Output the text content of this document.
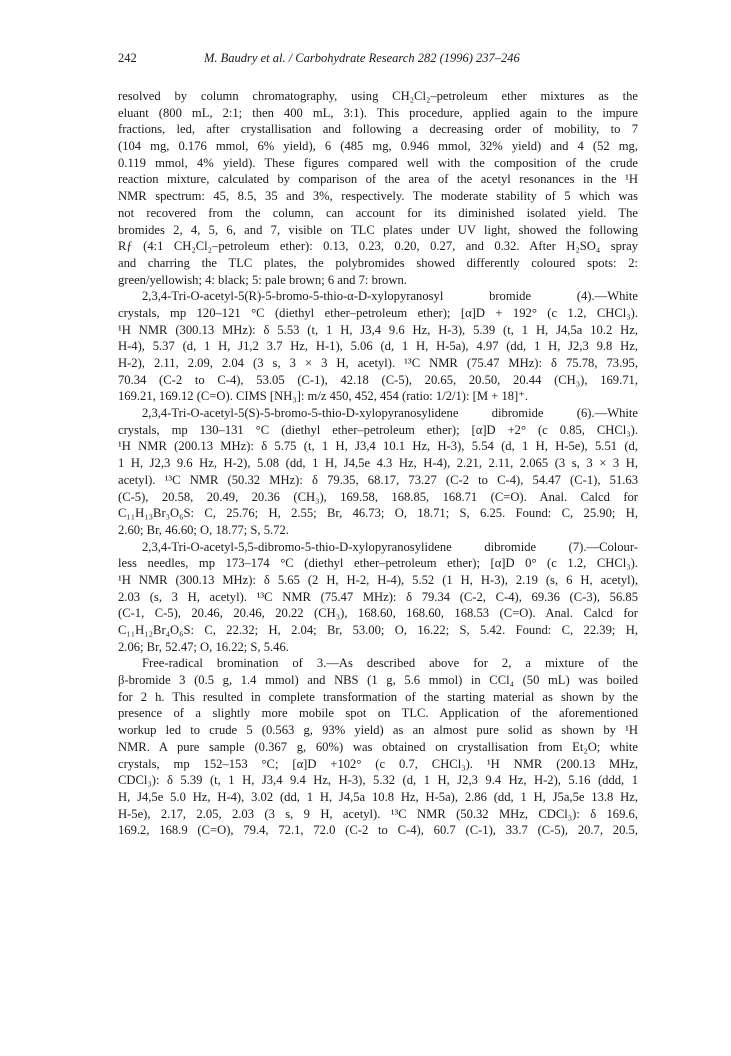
242	M. Baudry et al. / Carbohydrate Research 282 (1996) 237–246
resolved by column chromatography, using CH₂Cl₂–petroleum ether mixtures as the
eluant (800 mL, 2:1; then 400 mL, 3:1). This procedure, applied again to the impure
fractions, led, after crystallisation and following a decreasing order of mobility, to 7
(104 mg, 0.176 mmol, 6% yield), 6 (485 mg, 0.946 mmol, 32% yield) and 4 (52 mg,
0.119 mmol, 4% yield). These figures compared well with the composition of the crude
reaction mixture, calculated by comparison of the area of the acetyl resonances in the ¹H
NMR spectrum: 45, 8.5, 35 and 3%, respectively. The moderate stability of 5 which was
not recovered from the column, can account for its diminished isolated yield. The
bromides 2, 4, 5, 6, and 7, visible on TLC plates under UV light, showed the following
Rƒ (4:1 CH₂Cl₂–petroleum ether): 0.13, 0.23, 0.20, 0.27, and 0.32. After H₂SO₄ spray
and charring the TLC plates, the polybromides showed differently coloured spots: 2:
green/yellowish; 4: black; 5: pale brown; 6 and 7: brown.
2,3,4-Tri-O-acetyl-5(R)-5-bromo-5-thio-α-D-xylopyranosyl bromide (4).—White
crystals, mp 120–121 °C (diethyl ether–petroleum ether); [α]D + 192° (c 1.2, CHCl₃).
¹H NMR (300.13 MHz): δ 5.53 (t, 1 H, J3,4 9.6 Hz, H-3), 5.39 (t, 1 H, J4,5a 10.2 Hz,
H-4), 5.37 (d, 1 H, J1,2 3.7 Hz, H-1), 5.06 (d, 1 H, H-5a), 4.97 (dd, 1 H, J2,3 9.8 Hz,
H-2), 2.11, 2.09, 2.04 (3 s, 3 × 3 H, acetyl). ¹³C NMR (75.47 MHz): δ 75.78, 73.95,
70.34 (C-2 to C-4), 53.05 (C-1), 42.18 (C-5), 20.65, 20.50, 20.44 (CH₃), 169.71,
169.21, 169.12 (C=O). CIMS [NH₃]: m/z 450, 452, 454 (ratio: 1/2/1): [M + 18]⁺.
2,3,4-Tri-O-acetyl-5(S)-5-bromo-5-thio-D-xylopyranosylidene dibromide (6).—White
crystals, mp 130–131 °C (diethyl ether–petroleum ether); [α]D +2° (c 0.85, CHCl₃).
¹H NMR (200.13 MHz): δ 5.75 (t, 1 H, J3,4 10.1 Hz, H-3), 5.54 (d, 1 H, H-5e), 5.51 (d,
1 H, J2,3 9.6 Hz, H-2), 5.08 (dd, 1 H, J4,5e 4.3 Hz, H-4), 2.21, 2.11, 2.065 (3 s, 3 × 3 H,
acetyl). ¹³C NMR (50.32 MHz): δ 79.35, 68.17, 73.27 (C-2 to C-4), 54.47 (C-1), 51.63
(C-5), 20.58, 20.49, 20.36 (CH₃), 169.58, 168.85, 168.71 (C=O). Anal. Calcd for
C₁₁H₁₃Br₃O₆S: C, 25.76; H, 2.55; Br, 46.73; O, 18.71; S, 6.25. Found: C, 25.90; H,
2.60; Br, 46.60; O, 18.77; S, 5.72.
2,3,4-Tri-O-acetyl-5,5-dibromo-5-thio-D-xylopyranosylidene dibromide (7).—Colour-
less needles, mp 173–174 °C (diethyl ether–petroleum ether); [α]D 0° (c 1.2, CHCl₃).
¹H NMR (300.13 MHz): δ 5.65 (2 H, H-2, H-4), 5.52 (1 H, H-3), 2.19 (s, 6 H, acetyl),
2.03 (s, 3 H, acetyl). ¹³C NMR (75.47 MHz): δ 79.34 (C-2, C-4), 69.36 (C-3), 56.85
(C-1, C-5), 20.46, 20.46, 20.22 (CH₃), 168.60, 168.60, 168.53 (C=O). Anal. Calcd for
C₁₁H₁₂Br₄O₆S: C, 22.32; H, 2.04; Br, 53.00; O, 16.22; S, 5.42. Found: C, 22.39; H,
2.06; Br, 52.47; O, 16.22; S, 5.46.
Free-radical bromination of 3.—As described above for 2, a mixture of the
β-bromide 3 (0.5 g, 1.4 mmol) and NBS (1 g, 5.6 mmol) in CCl₄ (50 mL) was boiled
for 2 h. This resulted in complete transformation of the starting material as shown by the
presence of a slightly more mobile spot on TLC. Application of the aforementioned
workup led to crude 5 (0.563 g, 93% yield) as an almost pure solid as shown by ¹H
NMR. A pure sample (0.367 g, 60%) was obtained on crystallisation from Et₂O; white
crystals, mp 152–153 °C; [α]D +102° (c 0.7, CHCl₃). ¹H NMR (200.13 MHz,
CDCl₃): δ 5.39 (t, 1 H, J3,4 9.4 Hz, H-3), 5.32 (d, 1 H, J2,3 9.4 Hz, H-2), 5.16 (ddd, 1
H, J4,5e 5.0 Hz, H-4), 3.02 (dd, 1 H, J4,5a 10.8 Hz, H-5a), 2.86 (dd, 1 H, J5a,5e 13.8 Hz,
H-5e), 2.17, 2.05, 2.03 (3 s, 9 H, acetyl). ¹³C NMR (50.32 MHz, CDCl₃): δ 169.6,
169.2, 168.9 (C=O), 79.4, 72.1, 72.0 (C-2 to C-4), 60.7 (C-1), 33.7 (C-5), 20.7, 20.5,
